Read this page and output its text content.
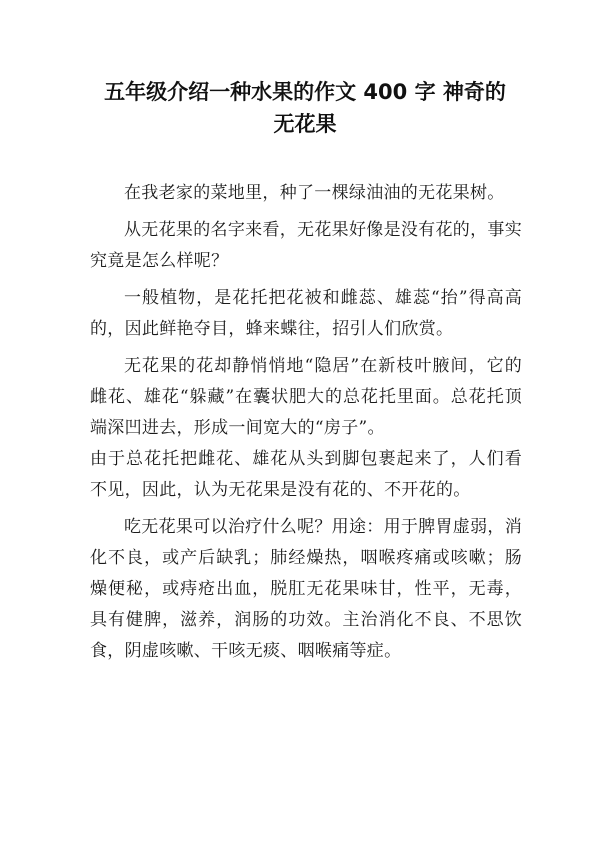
五年级介绍一种水果的作文 400 字 神奇的无花果

在我老家的菜地里，种了一棵绿油油的无花果树。

从无花果的名字来看，无花果好像是没有花的，事实究竟是怎么样呢？

一般植物，是花托把花被和雌蕊、雄蕊“抬”得高高的，因此鲜艳夺目，蜂来蝶往，招引人们欣赏。

无花果的花却静悄悄地“隐居”在新枝叶腋间，它的雌花、雄花“躲藏”在囊状肥大的总花托里面。总花托顶端深凹进去，形成一间宽大的“房子”。

由于总花托把雌花、雄花从头到脚包裹起来了，人们看不见，因此，认为无花果是没有花的、不开花的。

吃无花果可以治疗什么呢？用途：用于脾胃虚弱，消化不良，或产后缺乳；肺经燥热，咽喉疼痛或咳嗽；肠燥便秘，或痔疮出血，脱肛无花果味甘，性平，无毒，具有健脾，滋养，润肠的功效。主治消化不良、不思饮食，阴虚咳嗽、干咳无痰、咽喉痛等症。
